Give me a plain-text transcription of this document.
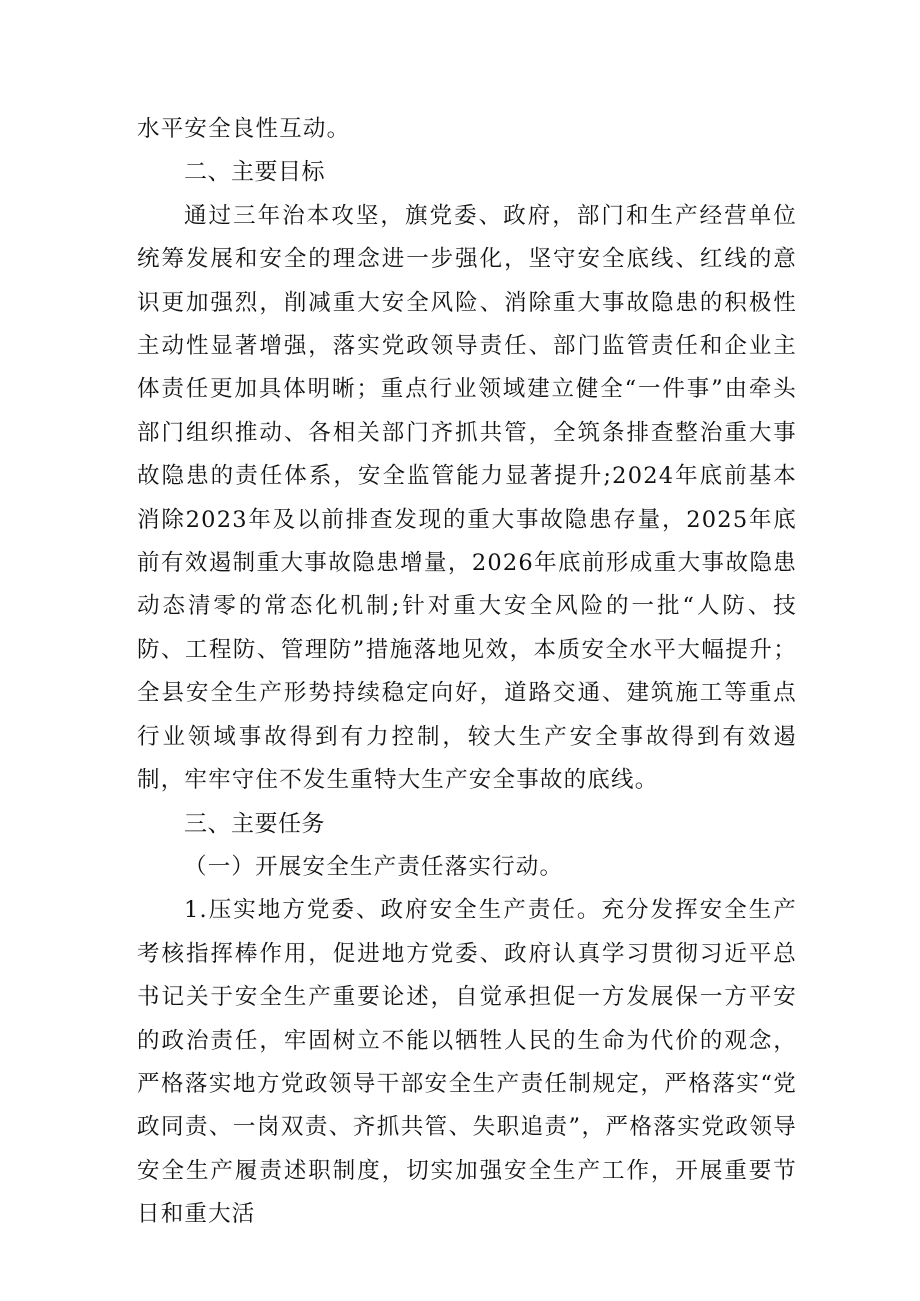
水平安全良性互动。

二、主要目标

通过三年治本攻坚，旗党委、政府，部门和生产经营单位统筹发展和安全的理念进一步强化，坚守安全底线、红线的意识更加强烈，削减重大安全风险、消除重大事故隐患的积极性主动性显著增强，落实党政领导责任、部门监管责任和企业主体责任更加具体明晰；重点行业领域建立健全“一件事”由牵头部门组织推动、各相关部门齐抓共管，全筑条排查整治重大事故隐患的责任体系，安全监管能力显著提升;2024年底前基本消除2023年及以前排查发现的重大事故隐患存量，2025年底前有效遏制重大事故隐患增量，2026年底前形成重大事故隐患动态清零的常态化机制;针对重大安全风险的一批“人防、技防、工程防、管理防”措施落地见效，本质安全水平大幅提升；全县安全生产形势持续稳定向好，道路交通、建筑施工等重点行业领域事故得到有力控制，较大生产安全事故得到有效遏制，牢牢守住不发生重特大生产安全事故的底线。

三、主要任务

（一）开展安全生产责任落实行动。

1.压实地方党委、政府安全生产责任。充分发挥安全生产考核指挥棒作用，促进地方党委、政府认真学习贯彻习近平总书记关于安全生产重要论述，自觉承担促一方发展保一方平安的政治责任，牢固树立不能以牺牲人民的生命为代价的观念，严格落实地方党政领导干部安全生产责任制规定，严格落实“党政同责、一岗双责、齐抓共管、失职追责”，严格落实党政领导安全生产履责述职制度，切实加强安全生产工作，开展重要节日和重大活
